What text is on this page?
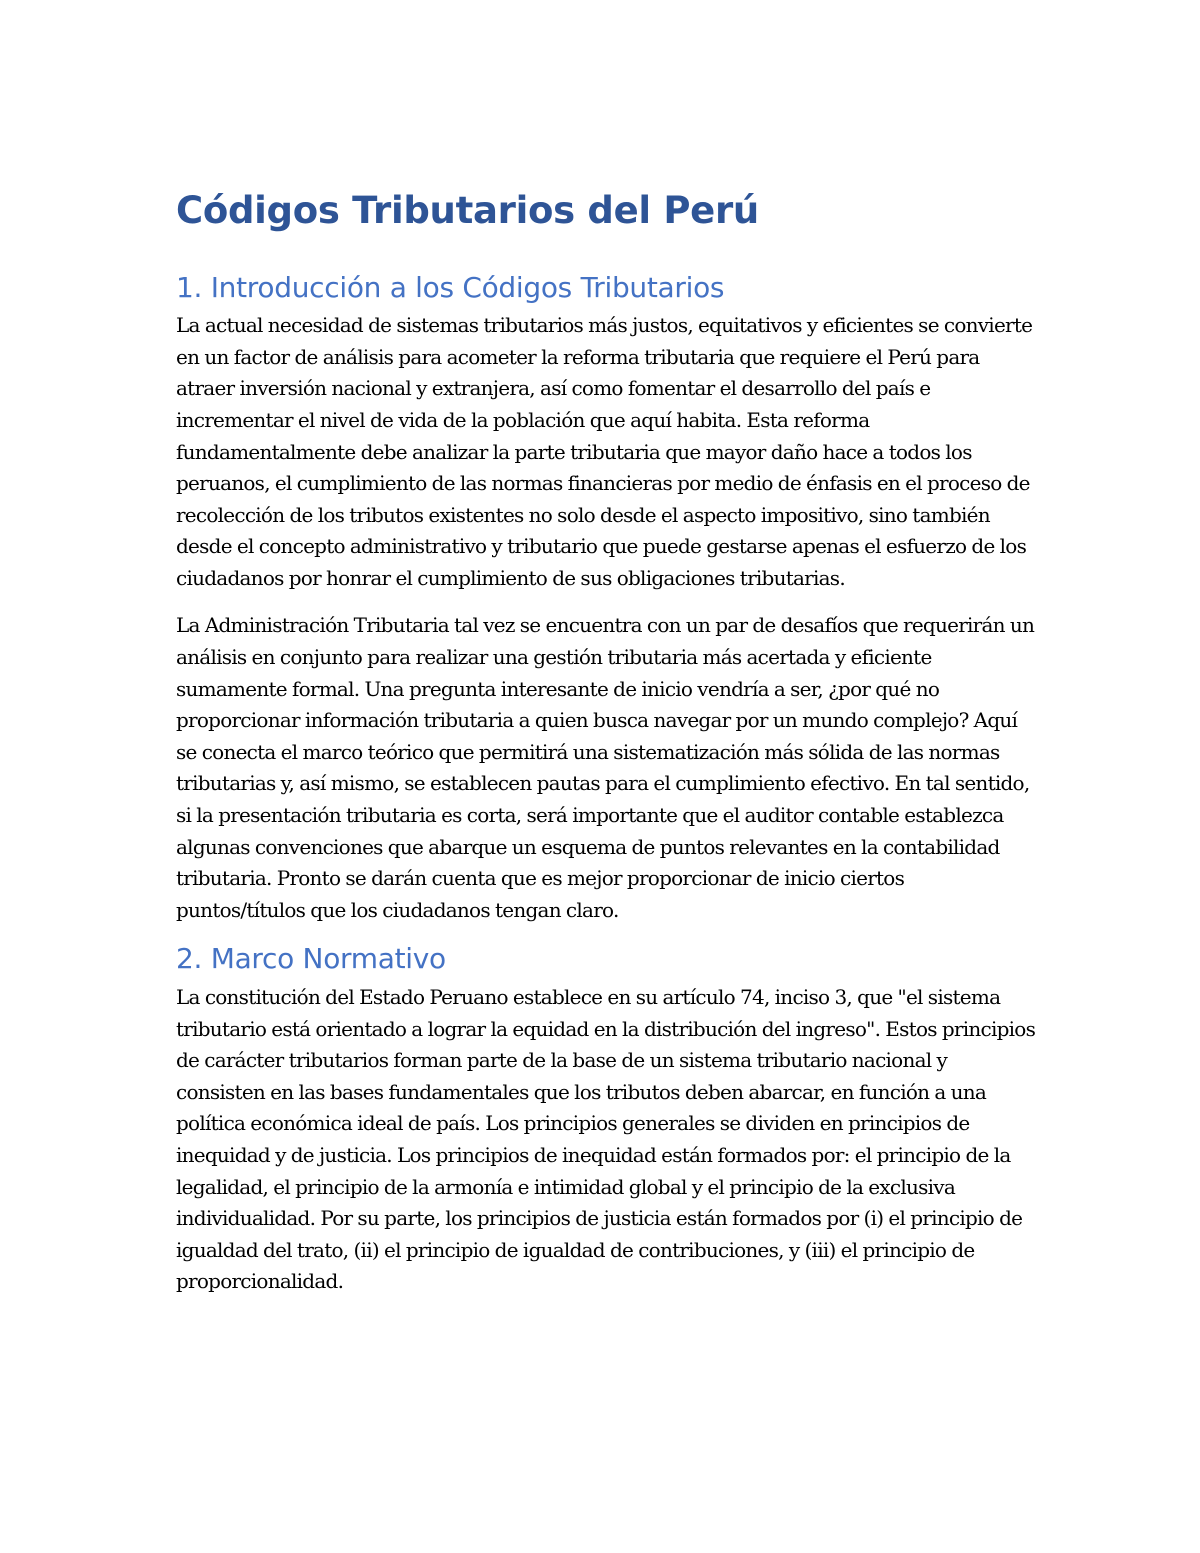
Códigos Tributarios del Perú
1. Introducción a los Códigos Tributarios

La actual necesidad de sistemas tributarios más justos, equitativos y eficientes se convierte en un factor de análisis para acometer la reforma tributaria que requiere el Perú para atraer inversión nacional y extranjera, así como fomentar el desarrollo del país e incrementar el nivel de vida de la población que aquí habita. Esta reforma fundamentalmente debe analizar la parte tributaria que mayor daño hace a todos los peruanos, el cumplimiento de las normas financieras por medio de énfasis en el proceso de recolección de los tributos existentes no solo desde el aspecto impositivo, sino también desde el concepto administrativo y tributario que puede gestarse apenas el esfuerzo de los ciudadanos por honrar el cumplimiento de sus obligaciones tributarias.

La Administración Tributaria tal vez se encuentra con un par de desafíos que requerirán un análisis en conjunto para realizar una gestión tributaria más acertada y eficiente sumamente formal. Una pregunta interesante de inicio vendría a ser, ¿por qué no proporcionar información tributaria a quien busca navegar por un mundo complejo? Aquí se conecta el marco teórico que permitirá una sistematización más sólida de las normas tributarias y, así mismo, se establecen pautas para el cumplimiento efectivo. En tal sentido, si la presentación tributaria es corta, será importante que el auditor contable establezca algunas convenciones que abarque un esquema de puntos relevantes en la contabilidad tributaria. Pronto se darán cuenta que es mejor proporcionar de inicio ciertos puntos/títulos que los ciudadanos tengan claro.

2. Marco Normativo

La constitución del Estado Peruano establece en su artículo 74, inciso 3, que "el sistema tributario está orientado a lograr la equidad en la distribución del ingreso". Estos principios de carácter tributarios forman parte de la base de un sistema tributario nacional y consisten en las bases fundamentales que los tributos deben abarcar, en función a una política económica ideal de país. Los principios generales se dividen en principios de inequidad y de justicia. Los principios de inequidad están formados por: el principio de la legalidad, el principio de la armonía e intimidad global y el principio de la exclusiva individualidad. Por su parte, los principios de justicia están formados por (i) el principio de igualdad del trato, (ii) el principio de igualdad de contribuciones, y (iii) el principio de proporcionalidad.
